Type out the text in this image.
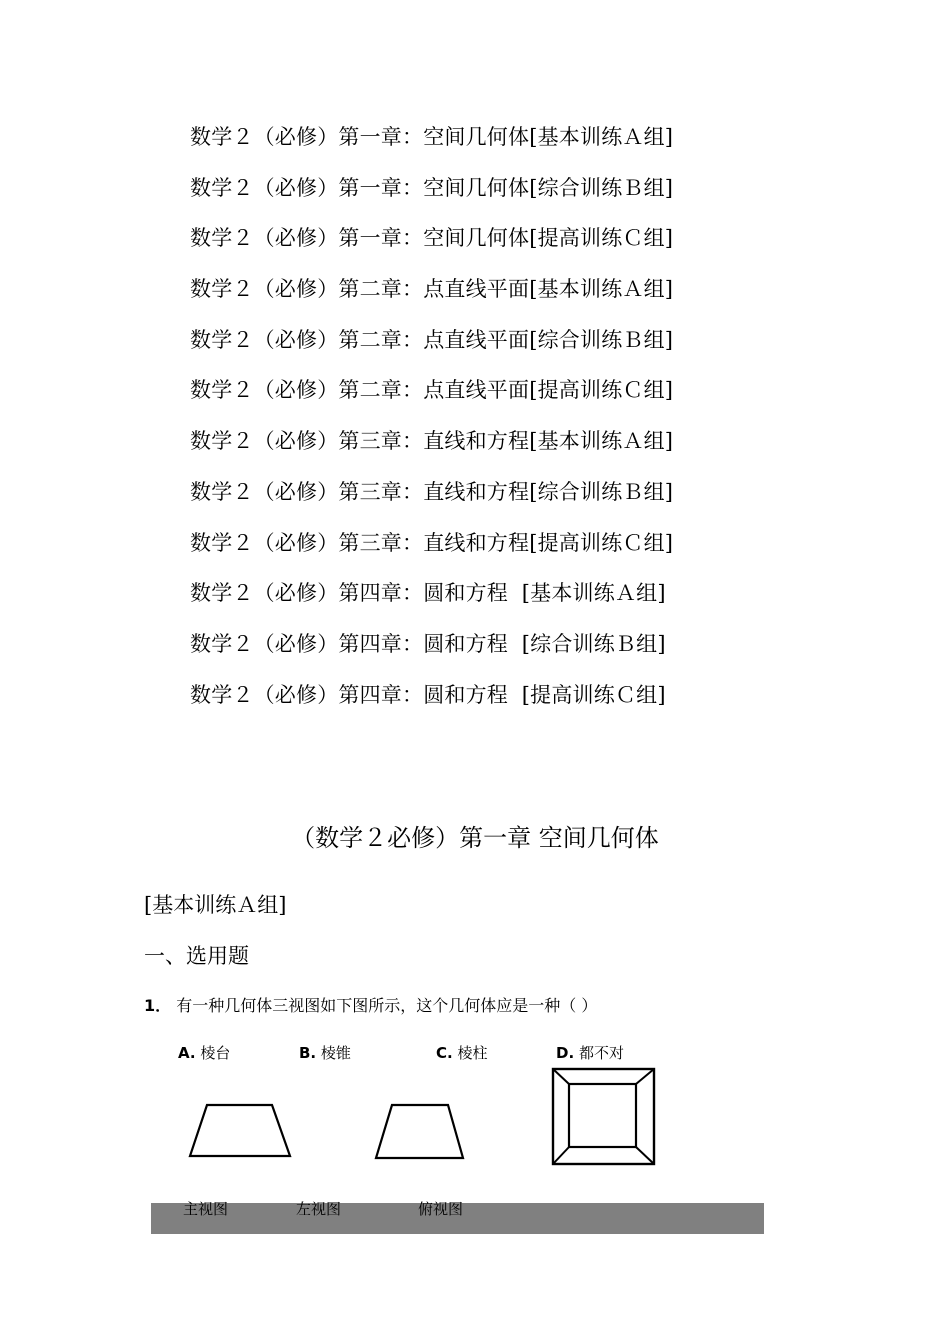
数学２（必修）第一章：空间几何体[基本训练Ａ组]
数学２（必修）第一章：空间几何体[综合训练Ｂ组]
数学２（必修）第一章：空间几何体[提高训练Ｃ组]
数学２（必修）第二章：点直线平面[基本训练Ａ组]
数学２（必修）第二章：点直线平面[综合训练Ｂ组]
数学２（必修）第二章：点直线平面[提高训练Ｃ组]
数学２（必修）第三章：直线和方程[基本训练Ａ组]
数学２（必修）第三章：直线和方程[综合训练Ｂ组]
数学２（必修）第三章：直线和方程[提高训练Ｃ组]
数学２（必修）第四章：圆和方程  [基本训练Ａ组]
数学２（必修）第四章：圆和方程  [综合训练Ｂ组]
数学２（必修）第四章：圆和方程  [提高训练Ｃ组]
（数学２必修）第一章 空间几何体
[基本训练Ａ组]
一、选用题
1． 有一种几何体三视图如下图所示，这个几何体应是一种（ ）
A. 棱台	B. 棱锥	C. 棱柱	D. 都不对
主视图	左视图	俯视图
